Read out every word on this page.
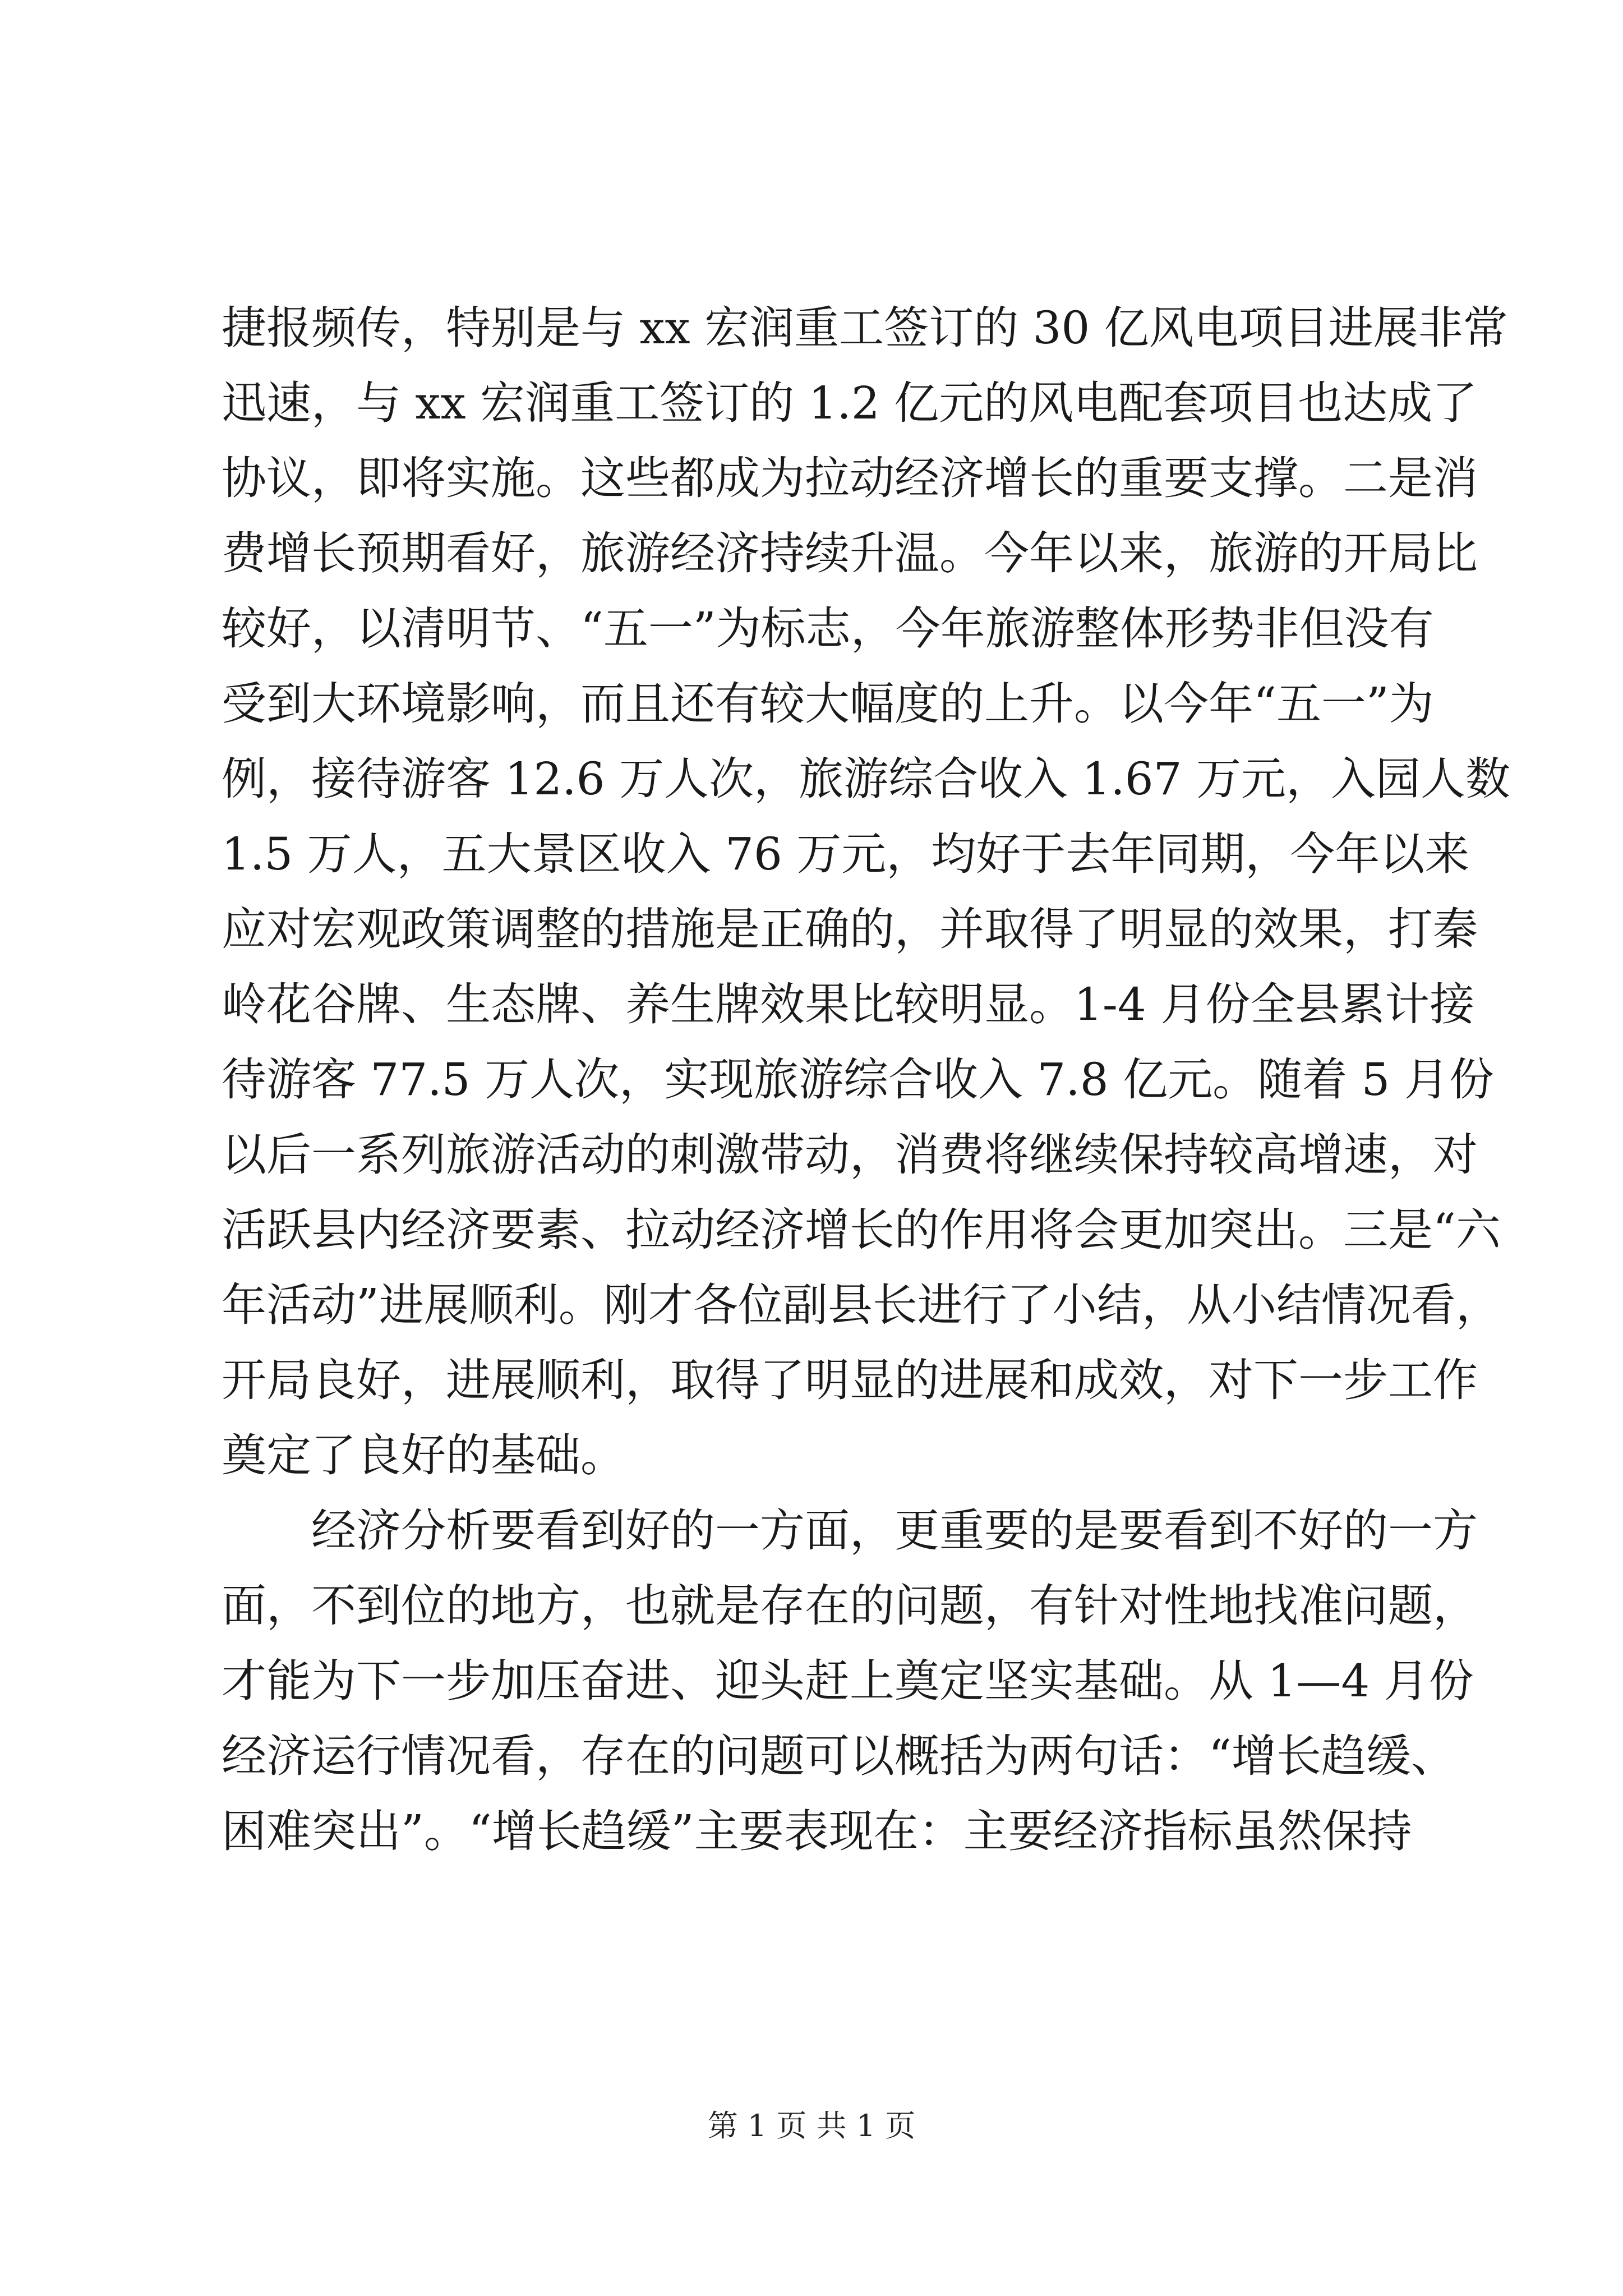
捷报频传，特别是与 xx 宏润重工签订的 30 亿风电项目进展非常
迅速，与 xx 宏润重工签订的 1.2 亿元的风电配套项目也达成了
协议，即将实施。这些都成为拉动经济增长的重要支撑。二是消
费增长预期看好，旅游经济持续升温。今年以来，旅游的开局比
较好，以清明节、“五一”为标志，今年旅游整体形势非但没有
受到大环境影响，而且还有较大幅度的上升。以今年“五一”为
例，接待游客 12.6 万人次，旅游综合收入 1.67 万元，入园人数
1.5 万人，五大景区收入 76 万元，均好于去年同期，今年以来
应对宏观政策调整的措施是正确的，并取得了明显的效果，打秦
岭花谷牌、生态牌、养生牌效果比较明显。1-4 月份全县累计接
待游客 77.5 万人次，实现旅游综合收入 7.8 亿元。随着 5 月份
以后一系列旅游活动的刺激带动，消费将继续保持较高增速，对
活跃县内经济要素、拉动经济增长的作用将会更加突出。三是“六
年活动”进展顺利。刚才各位副县长进行了小结，从小结情况看，
开局良好，进展顺利，取得了明显的进展和成效，对下一步工作
奠定了良好的基础。
经济分析要看到好的一方面，更重要的是要看到不好的一方
面，不到位的地方，也就是存在的问题，有针对性地找准问题，
才能为下一步加压奋进、迎头赶上奠定坚实基础。从 1—4 月份
经济运行情况看，存在的问题可以概括为两句话：“增长趋缓、
困难突出”。“增长趋缓”主要表现在：主要经济指标虽然保持
第 1 页 共 1 页
